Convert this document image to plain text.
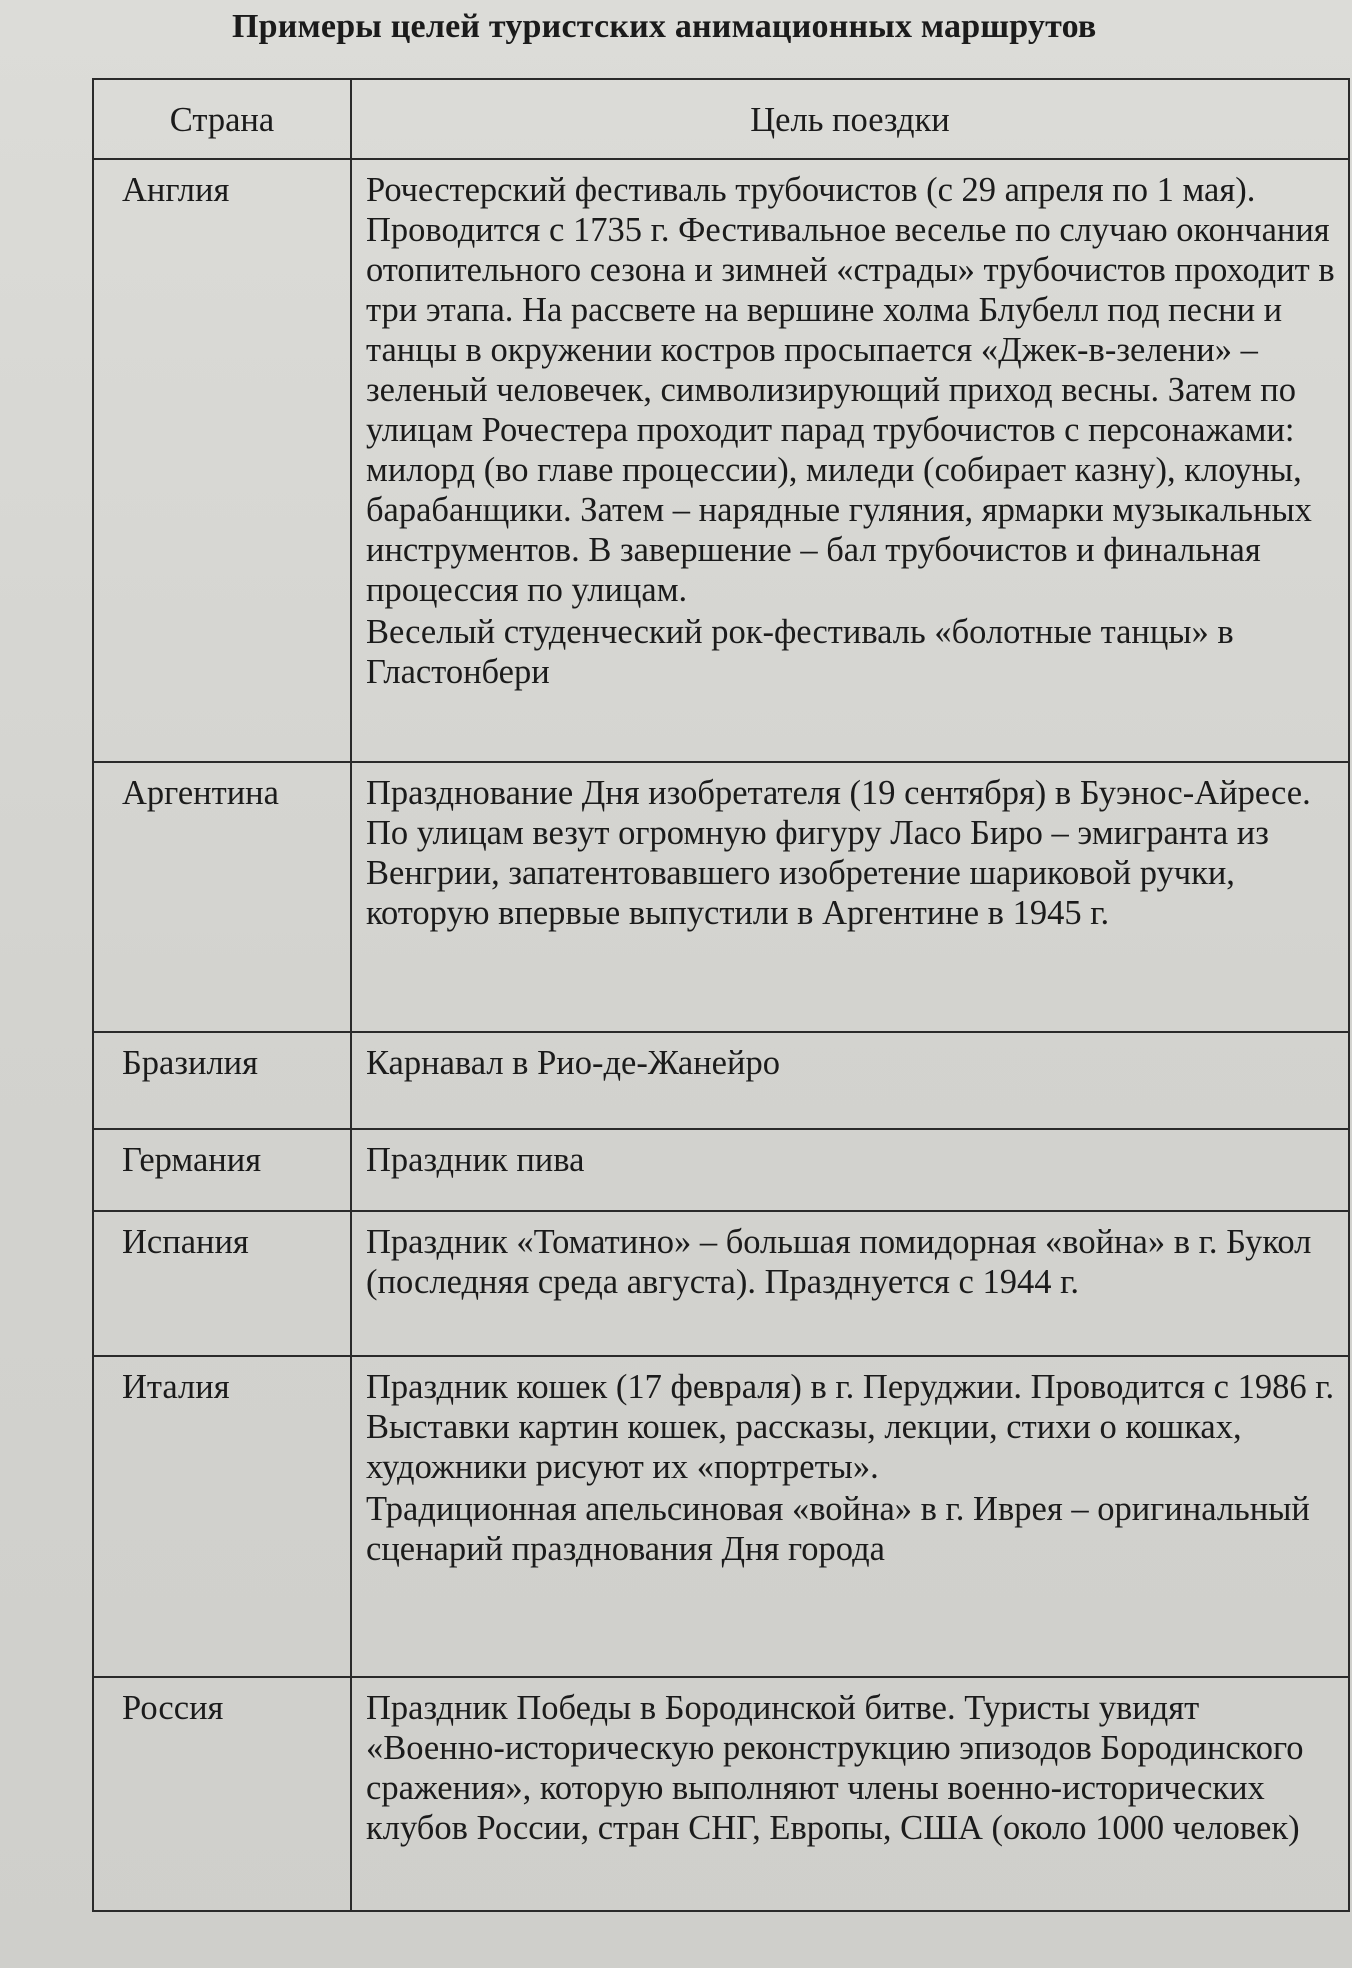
Примеры целей туристских анимационных маршрутов
Страна	Цель поездки
Англия	Рочестерский фестиваль трубочистов (с 29 апреля по 1 мая). Проводится с 1735 г. Фестивальное веселье по случаю окончания отопительного сезона и зимней «страды» трубочистов проходит в три этапа. На рассвете на вершине холма Блубелл под песни и танцы в окружении костров просыпается «Джек-в-зелени» – зеленый человечек, символизирующий приход весны. Затем по улицам Рочестера проходит парад трубочистов с персонажами: милорд (во главе процессии), миледи (собирает казну), клоуны, барабанщики. Затем – нарядные гуляния, ярмарки музыкальных инструментов. В завершение – бал трубочистов и финальная процессия по улицам.
Веселый студенческий рок-фестиваль «болотные танцы» в Гластонбери

Аргентина	Празднование Дня изобретателя (19 сентября) в Буэнос-Айресе. По улицам везут огромную фигуру Ласо Биро – эмигранта из Венгрии, запатентовавшего изобретение шариковой ручки, которую впервые выпустили в Аргентине в 1945 г.

Бразилия	Карнавал в Рио-де-Жанейро

Германия	Праздник пива

Испания	Праздник «Томатино» – большая помидорная «война» в г. Букол (последняя среда августа). Празднуется с 1944 г.

Италия	Праздник кошек (17 февраля) в г. Перуджии. Проводится с 1986 г. Выставки картин кошек, рассказы, лекции, стихи о кошках, художники рисуют их «портреты».
Традиционная апельсиновая «война» в г. Иврея – оригинальный сценарий празднования Дня города

Россия	Праздник Победы в Бородинской битве. Туристы увидят «Военно-историческую реконструкцию эпизодов Бородинского сражения», которую выполняют члены военно-исторических клубов России, стран СНГ, Европы, США (около 1000 человек)
